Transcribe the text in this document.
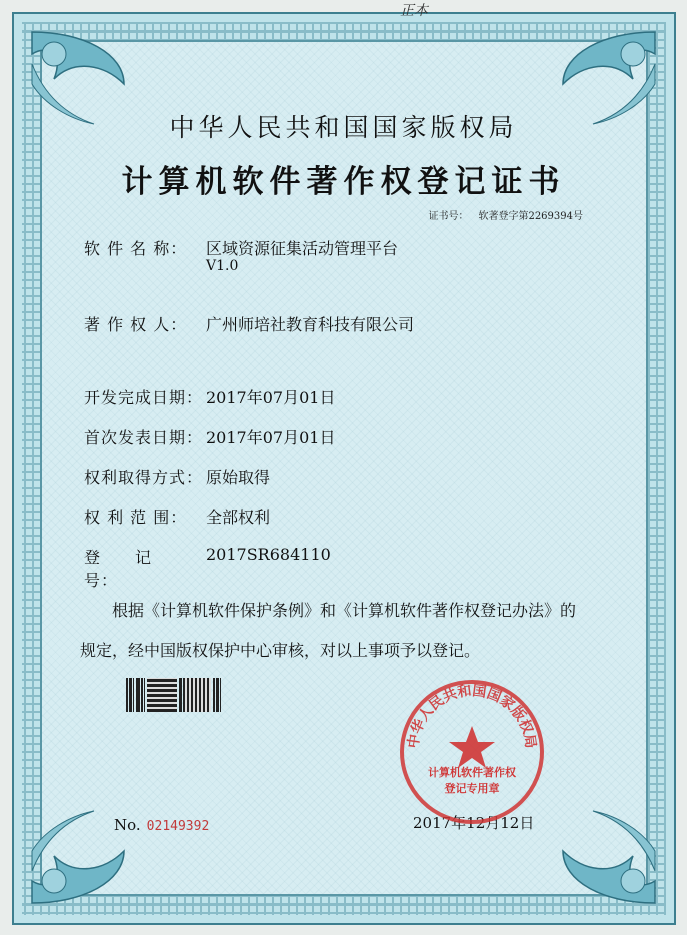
正本
中华人民共和国国家版权局
计算机软件著作权登记证书
证书号： 软著登字第2269394号
软 件 名 称：	区域资源征集活动管理平台
V1.0
著 作 权 人：	广州师培社教育科技有限公司
开发完成日期： 2017年07月01日
首次发表日期： 2017年07月01日
权利取得方式： 原始取得
权 利 范 围：	全部权利
登　　记　　号：
2017SR684110
根据《计算机软件保护条例》和《计算机软件著作权登记办法》的
规定，经中国版权保护中心审核，对以上事项予以登记。
No. 02149392	2017年12月12日
中华人民共和国国家版权局
计算机软件著作权
登记专用章
